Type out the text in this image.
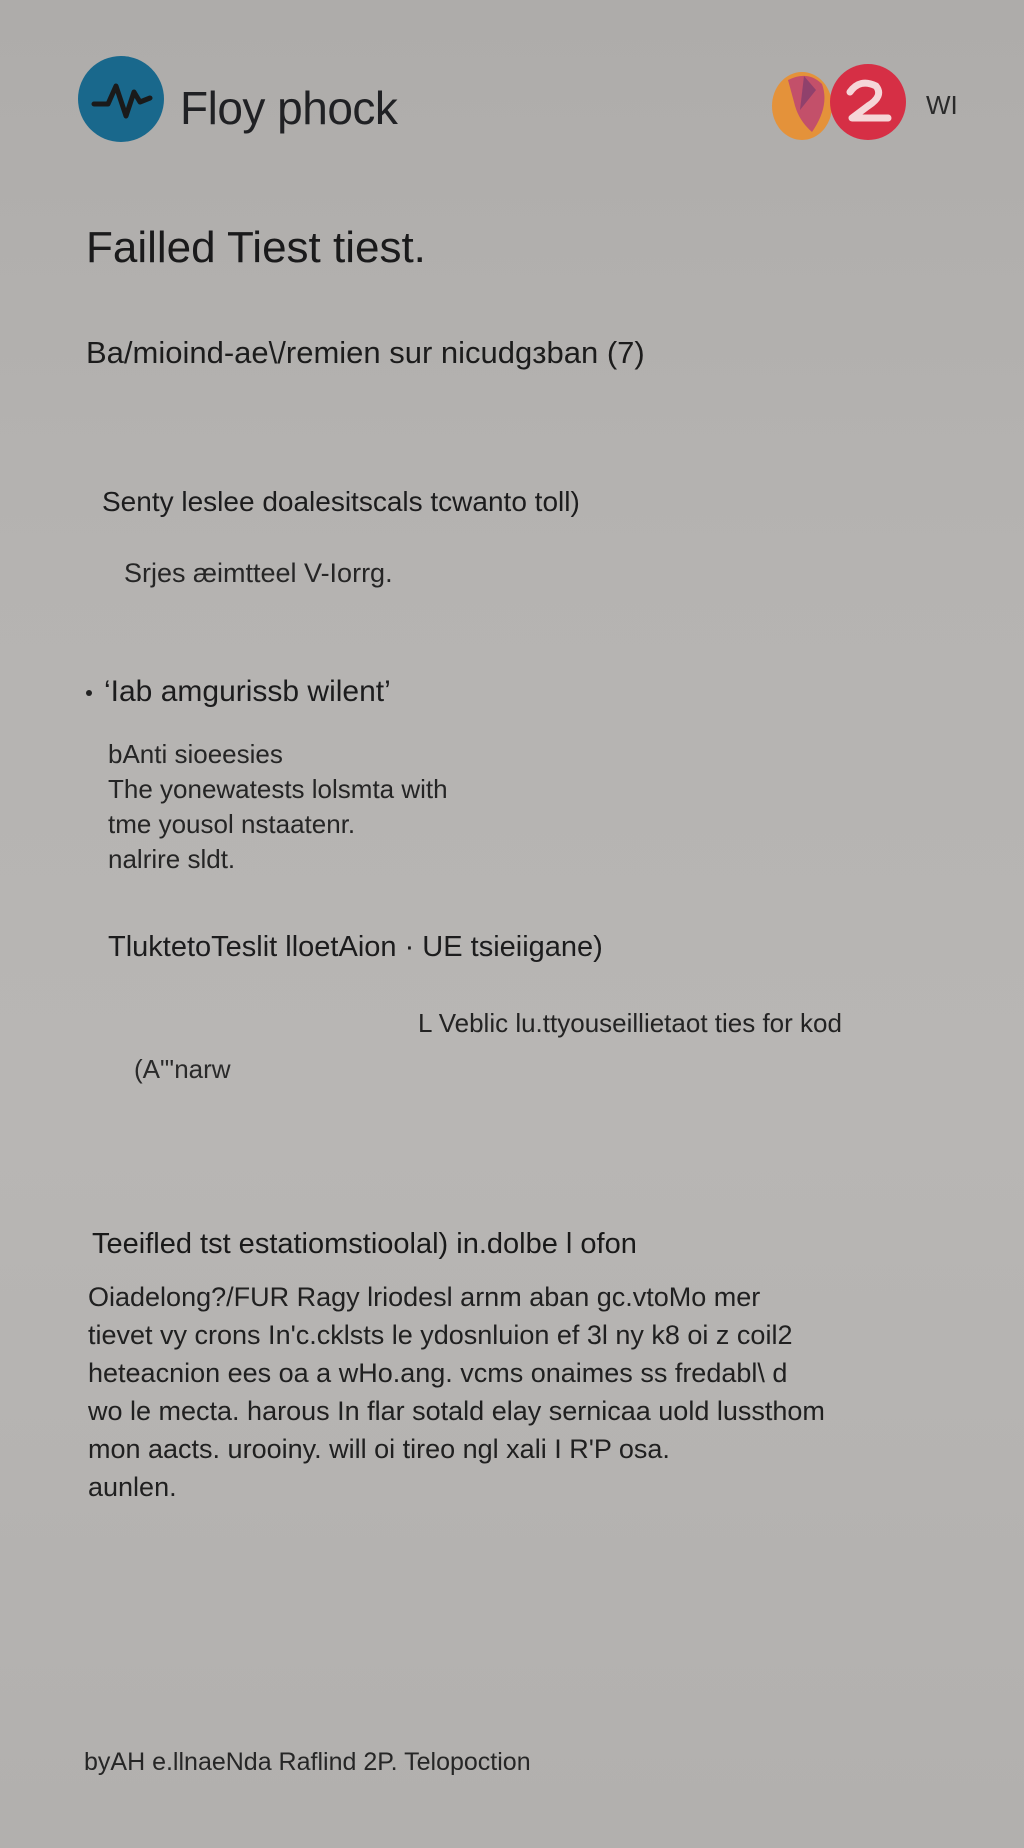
Floy phock	WI
Failled Tiest tiest.
Ba/mioind-ae\/remien sur nicudgзban (7)
Senty leslee doalesitscals tcwanto toll)
Srjes æimtteel V-Iorrg.
‘Iab amgurissb wilent’
bAnti sioeesies
The yonewatests lolsmta with
tme yousol nstaatenr.
nalrire sldt.
TluktetoTeslit lloetAion · UE tsieiigane)
L Veblic lu.ttyouseillietaot ties for kod
(Α"'narw
Teeifled tst estatiomstioolal) in.dolbe l ofon
Oiadelong?/FUR Ragy lriodesl arnm aban gc.vtoMo mer
tievet vy crons In'c.cklsts le ydosnluion ef 3l ny k8 oi z coil2
heteacnion ees oa a wHo.ang. vcms onaimes ss fredabl\ d
wo le mecta. harous In flar sotald elay sernicaa uold lussthom
mon aacts. urooiny. will oi tireo ngl xali I R'P osa.
aunlen.
byAH e.llnaeNda Raflind 2P. Telopoction
